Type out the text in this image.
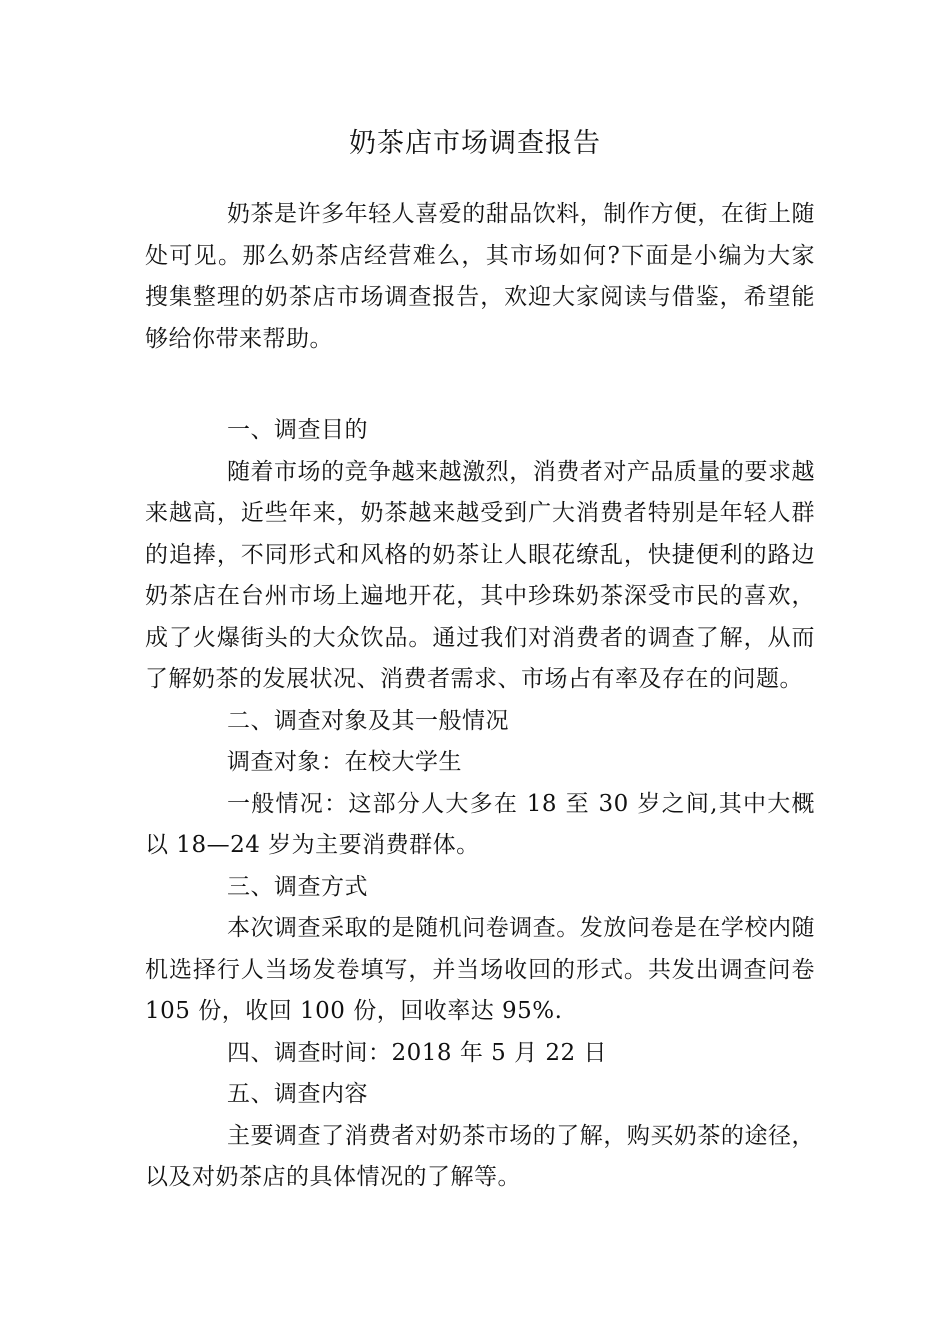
奶茶店市场调查报告

奶茶是许多年轻人喜爱的甜品饮料，制作方便，在街上随处可见。那么奶茶店经营难么，其市场如何?下面是小编为大家搜集整理的奶茶店市场调查报告，欢迎大家阅读与借鉴，希望能够给你带来帮助。

一、调查目的

随着市场的竞争越来越激烈，消费者对产品质量的要求越来越高，近些年来，奶茶越来越受到广大消费者特别是年轻人群的追捧，不同形式和风格的奶茶让人眼花缭乱，快捷便利的路边奶茶店在台州市场上遍地开花，其中珍珠奶茶深受市民的喜欢，成了火爆街头的大众饮品。通过我们对消费者的调查了解，从而了解奶茶的发展状况、消费者需求、市场占有率及存在的问题。

二、调查对象及其一般情况

调查对象：在校大学生

一般情况：这部分人大多在 18 至 30 岁之间,其中大概以 18—24 岁为主要消费群体。

三、调查方式

本次调查采取的是随机问卷调查。发放问卷是在学校内随机选择行人当场发卷填写，并当场收回的形式。共发出调查问卷 105 份，收回 100 份，回收率达 95%.

四、调查时间：2018 年 5 月 22 日

五、调查内容

主要调查了消费者对奶茶市场的了解，购买奶茶的途径，以及对奶茶店的具体情况的了解等。
